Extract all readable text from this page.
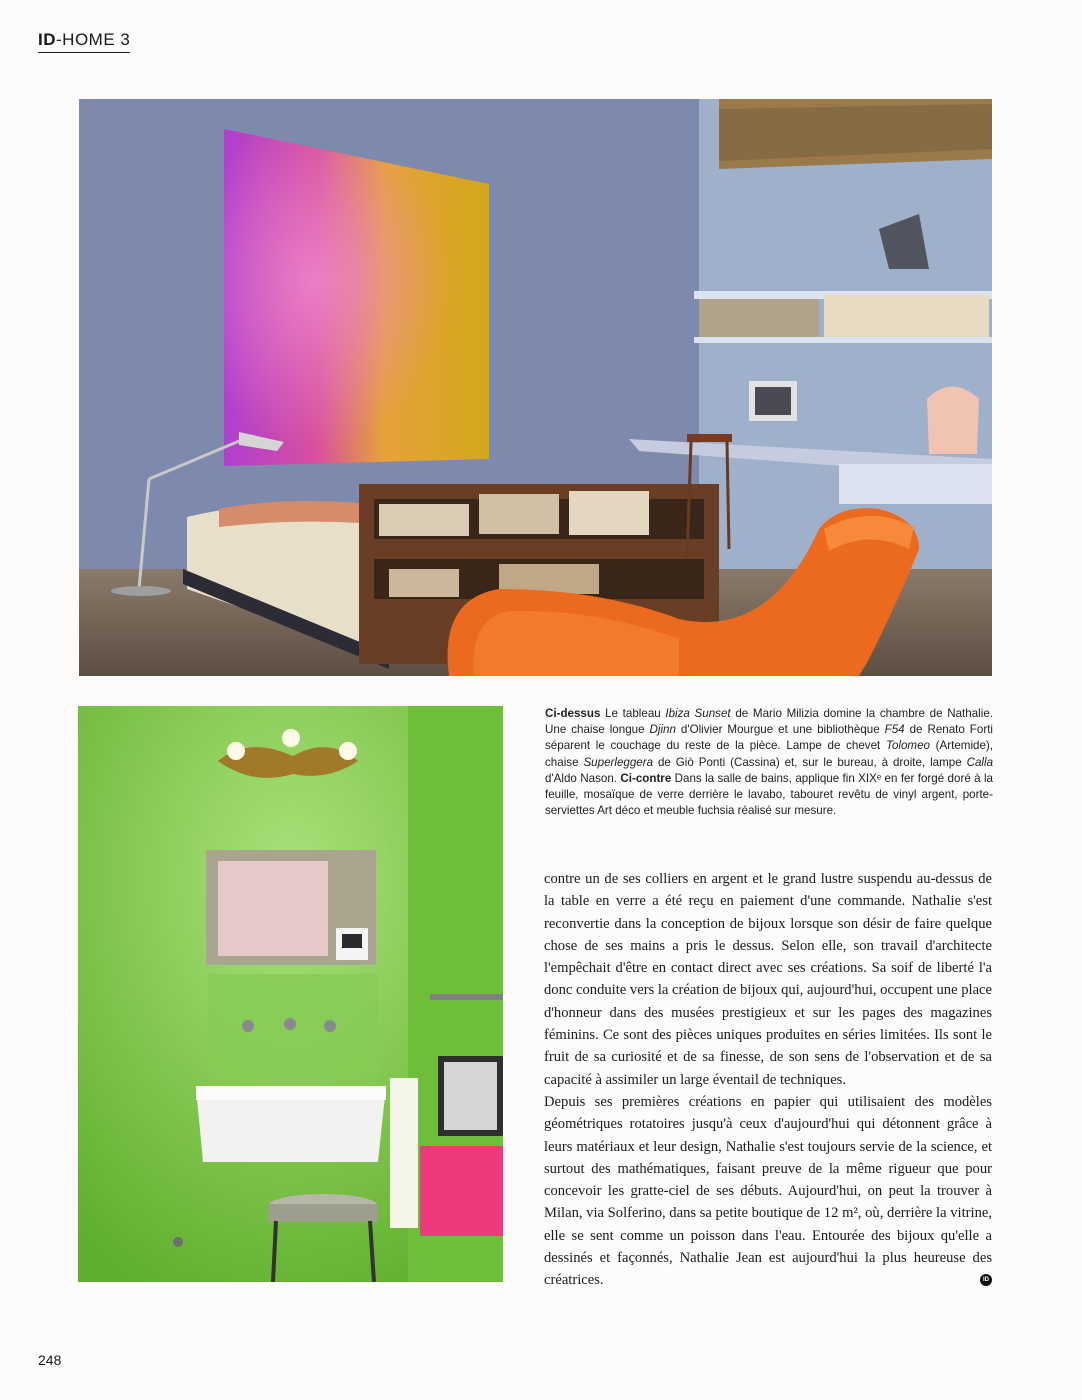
ID-HOME 3
Ci-dessus Le tableau Ibiza Sunset de Mario Milizia domine la chambre de Nathalie. Une chaise longue Djinn d'Olivier Mourgue et une bibliothèque F54 de Renato Forti séparent le couchage du reste de la pièce. Lampe de chevet Tolomeo (Artemide), chaise Superleggera de Giò Ponti (Cassina) et, sur le bureau, à droite, lampe Calla d'Aldo Nason. Ci-contre Dans la salle de bains, applique fin XIXᵉ en fer forgé doré à la feuille, mosaïque de verre derrière le lavabo, tabouret revêtu de vinyl argent, porte-serviettes Art déco et meuble fuchsia réalisé sur mesure.

contre un de ses colliers en argent et le grand lustre suspendu au-dessus de la table en verre a été reçu en paiement d'une commande. Nathalie s'est reconvertie dans la conception de bijoux lorsque son désir de faire quelque chose de ses mains a pris le dessus. Selon elle, son travail d'architecte l'empêchait d'être en contact direct avec ses créations. Sa soif de liberté l'a donc conduite vers la création de bijoux qui, aujourd'hui, occupent une place d'honneur dans des musées prestigieux et sur les pages des magazines féminins. Ce sont des pièces uniques produites en séries limitées. Ils sont le fruit de sa curiosité et de sa finesse, de son sens de l'observation et de sa capacité à assimiler un large éventail de techniques.

Depuis ses premières créations en papier qui utilisaient des modèles géométriques rotatoires jusqu'à ceux d'aujourd'hui qui détonnent grâce à leurs matériaux et leur design, Nathalie s'est toujours servie de la science, et surtout des mathématiques, faisant preuve de la même rigueur que pour concevoir les gratte-ciel de ses débuts. Aujourd'hui, on peut la trouver à Milan, via Solferino, dans sa petite boutique de 12 m², où, derrière la vitrine, elle se sent comme un poisson dans l'eau. Entourée des bijoux qu'elle a dessinés et façonnés, Nathalie Jean est aujourd'hui la plus heureuse des créatrices.	ID

248
